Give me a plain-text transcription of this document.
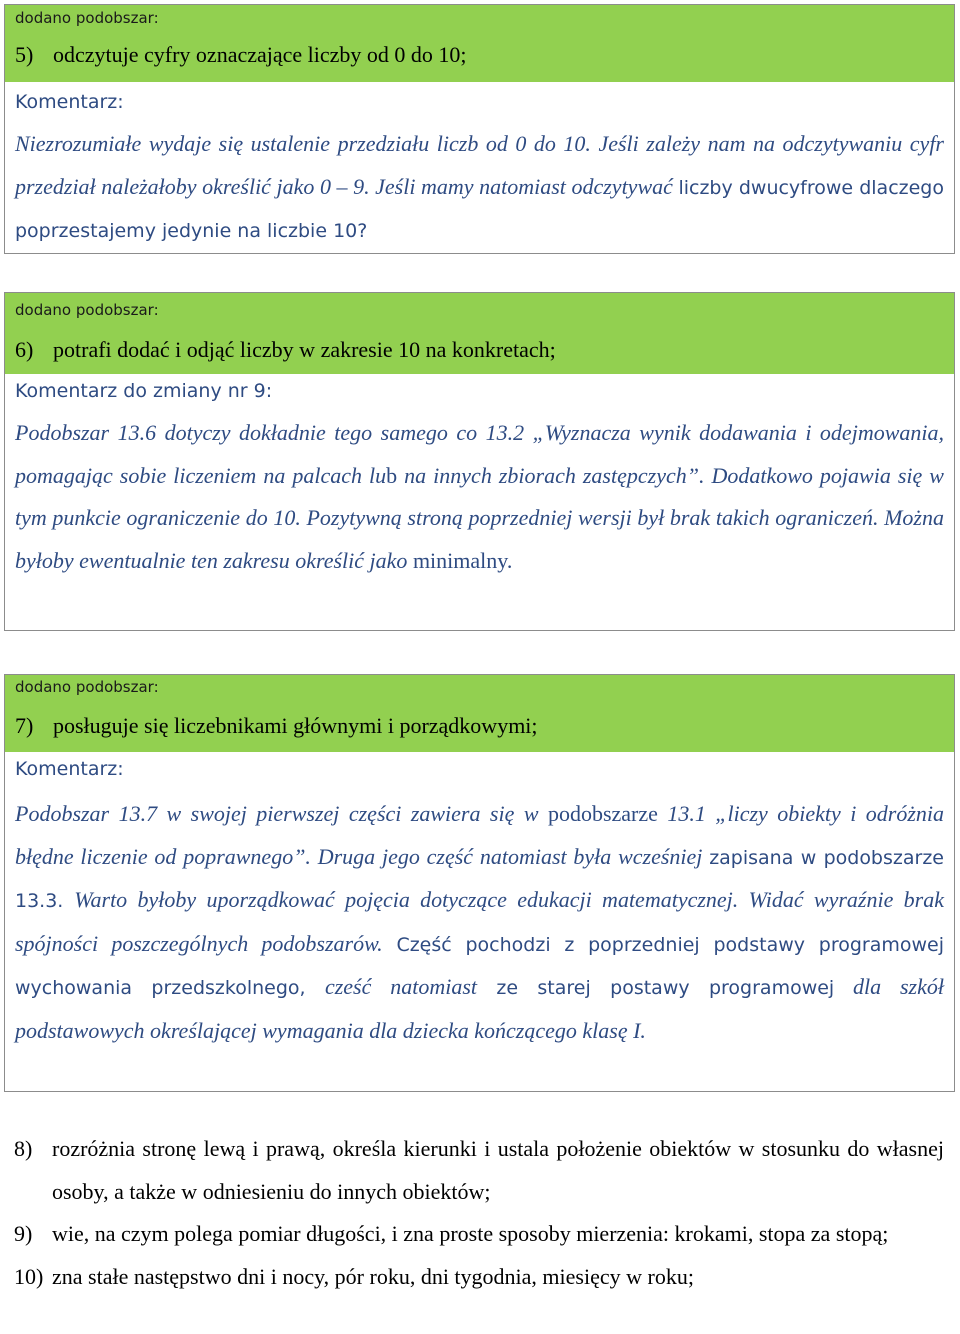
dodano podobszar:
5) odczytuje cyfry oznaczające liczby od 0 do 10;
Komentarz:
Niezrozumiałe wydaje się ustalenie przedziału liczb od 0 do 10. Jeśli zależy nam na odczytywaniu cyfr przedział należałoby określić jako 0 – 9. Jeśli mamy natomiast odczytywać liczby dwucyfrowe dlaczego poprzestajemy jedynie na liczbie 10?
dodano podobszar:
6) potrafi dodać i odjąć liczby w zakresie 10 na konkretach;
Komentarz do zmiany nr 9:
Podobszar 13.6 dotyczy dokładnie tego samego co 13.2 „Wyznacza wynik dodawania i odejmowania, pomagając sobie liczeniem na palcach lub na innych zbiorach zastępczych”. Dodatkowo pojawia się w tym punkcie ograniczenie do 10. Pozytywną stroną poprzedniej wersji był brak takich ograniczeń. Można byłoby ewentualnie ten zakresu określić jako minimalny.
dodano podobszar:
7) posługuje się liczebnikami głównymi i porządkowymi;
Komentarz:
Podobszar 13.7 w swojej pierwszej części zawiera się w podobszarze 13.1 „liczy obiekty i odróżnia błędne liczenie od poprawnego”. Druga jego część natomiast była wcześniej zapisana w podobszarze 13.3. Warto byłoby uporządkować pojęcia dotyczące edukacji matematycznej. Widać wyraźnie brak spójności poszczególnych podobszarów. Część pochodzi z poprzedniej podstawy programowej wychowania przedszkolnego, cześć natomiast ze starej postawy programowej dla szkół podstawowych określającej wymagania dla dziecka kończącego klasę I.
8) rozróżnia stronę lewą i prawą, określa kierunki i ustala położenie obiektów w stosunku do własnej osoby, a także w odniesieniu do innych obiektów;
9) wie, na czym polega pomiar długości, i zna proste sposoby mierzenia: krokami, stopa za stopą;
10) zna stałe następstwo dni i nocy, pór roku, dni tygodnia, miesięcy w roku;
